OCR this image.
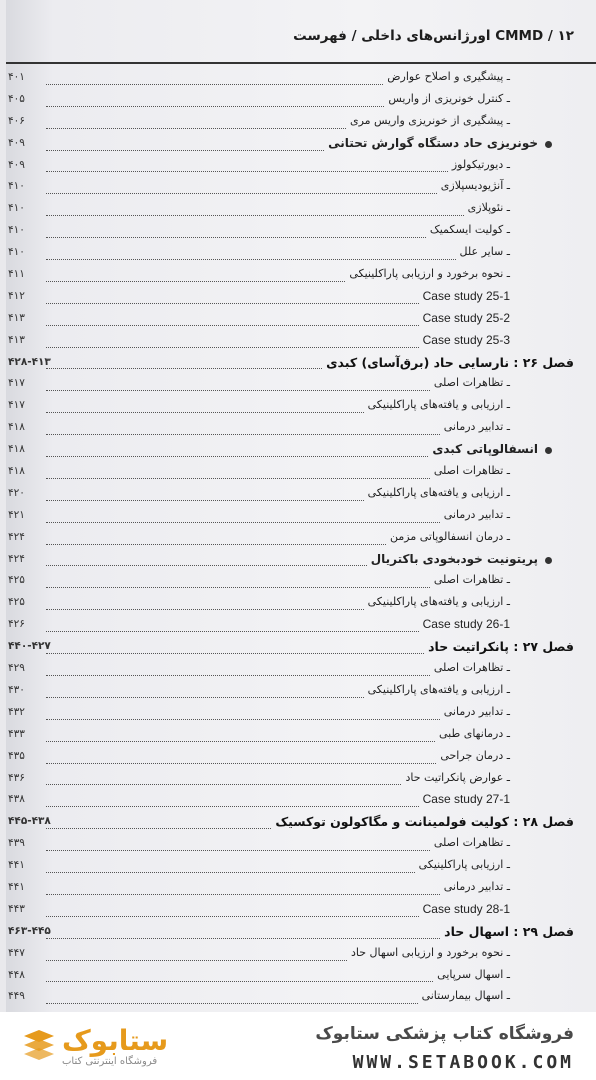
CMMD / ۱۲ اورژانس‌های داخلی / فهرست
ـ پیشگیری و اصلاح عوارض
۴۰۱
ـ کنترل خونریزی از واریس
۴۰۵
ـ پیشگیری از خونریزی واریس مری
۴۰۶
خونریزی حاد دستگاه گوارش تحتانی
۴۰۹
ـ دیورتیکولوز
۴۰۹
ـ آنژیودیسپلازی
۴۱۰
ـ نئوپلازی
۴۱۰
ـ کولیت ایسکمیک
۴۱۰
ـ سایر علل
۴۱۰
ـ نحوه برخورد و ارزیابی پاراکلینیکی
۴۱۱
Case study 25-1
۴۱۲
Case study 25-2
۴۱۳
Case study 25-3
۴۱۳
فصل ۲۶ : نارسایی حاد (برق‌آسای) کبدی
۴۲۸-۴۱۳
ـ تظاهرات اصلی
۴۱۷
ـ ارزیابی و یافته‌های پاراکلینیکی
۴۱۷
ـ تدابیر درمانی
۴۱۸
انسفالوپاتی کبدی
۴۱۸
ـ تظاهرات اصلی
۴۱۸
ـ ارزیابی و یافته‌های پاراکلینیکی
۴۲۰
ـ تدابیر درمانی
۴۲۱
ـ درمان انسفالوپاتی مزمن
۴۲۴
پریتونیت خودبخودی باکتریال
۴۲۴
ـ تظاهرات اصلی
۴۲۵
ـ ارزیابی و یافته‌های پاراکلینیکی
۴۲۵
Case study 26-1
۴۲۶
فصل ۲۷ : پانکراتیت حاد
۴۴۰-۴۲۷
ـ تظاهرات اصلی
۴۲۹
ـ ارزیابی و یافته‌های پاراکلینیکی
۴۳۰
ـ تدابیر درمانی
۴۳۲
ـ درمانهای طبی
۴۳۳
ـ درمان جراحی
۴۳۵
ـ عوارض پانکراتیت حاد
۴۳۶
Case study 27-1
۴۳۸
فصل ۲۸ : کولیت فولمینانت و مگاکولون توکسیک
۴۴۵-۴۳۸
ـ تظاهرات اصلی
۴۳۹
ـ ارزیابی پاراکلینیکی
۴۴۱
ـ تدابیر درمانی
۴۴۱
Case study 28-1
۴۴۳
فصل ۲۹ : اسهال حاد
۴۶۳-۴۴۵
ـ نحوه برخورد و ارزیابی اسهال حاد
۴۴۷
ـ اسهال سرپایی
۴۴۸
ـ اسهال بیمارستانی
۴۴۹
ستابوک
فروشگاه اینترنتی کتاب
فروشگاه کتاب پزشکی ستابوک
WWW.SETABOOK.COM
